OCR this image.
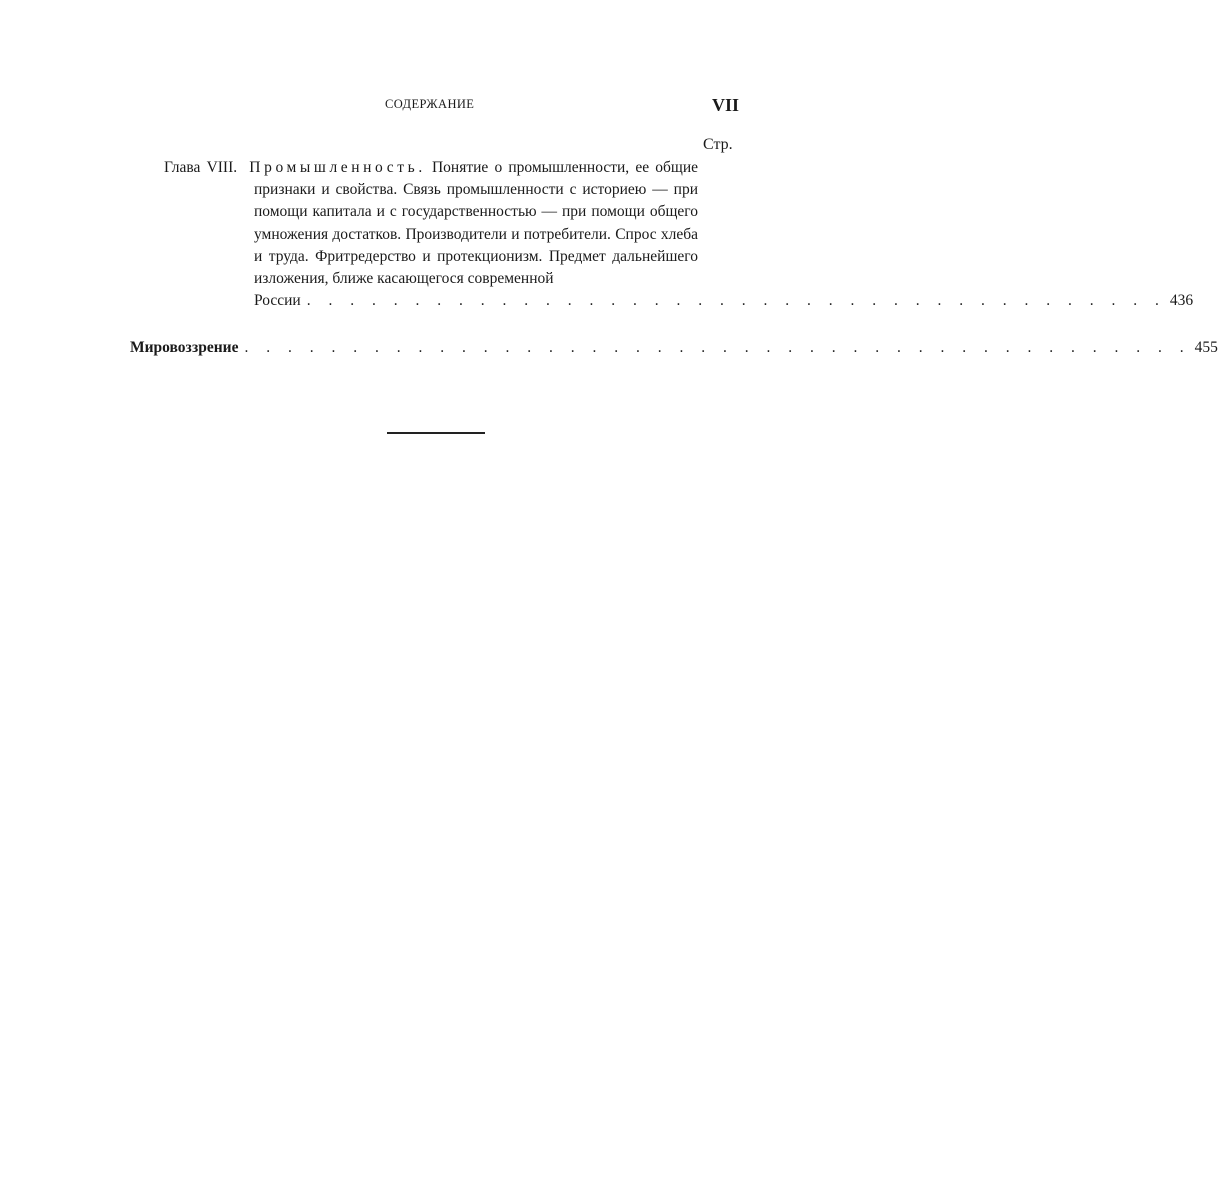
СОДЕРЖАНИЕ	VII
Стр.
Глава VIII. Промышленность. Понятие о промышленности, ее общие признаки и свойства. Связь промышленности с историею — при помощи капитала и с государственностью — при помощи общего умножения достатков. Производители и потребители. Спрос хлеба и труда. Фритредерство и протекционизм. Предмет дальнейшего изложения, ближе касающегося современной
России . . . . . . . . . . . . . . . . . . . . . . . . . . . . . . . . . . . . . . . . 436
Мировоззрение . . . . . . . . . . . . . . . . . . . . . . . . . . . . . . . . . . . . . . . . . . . . 455
